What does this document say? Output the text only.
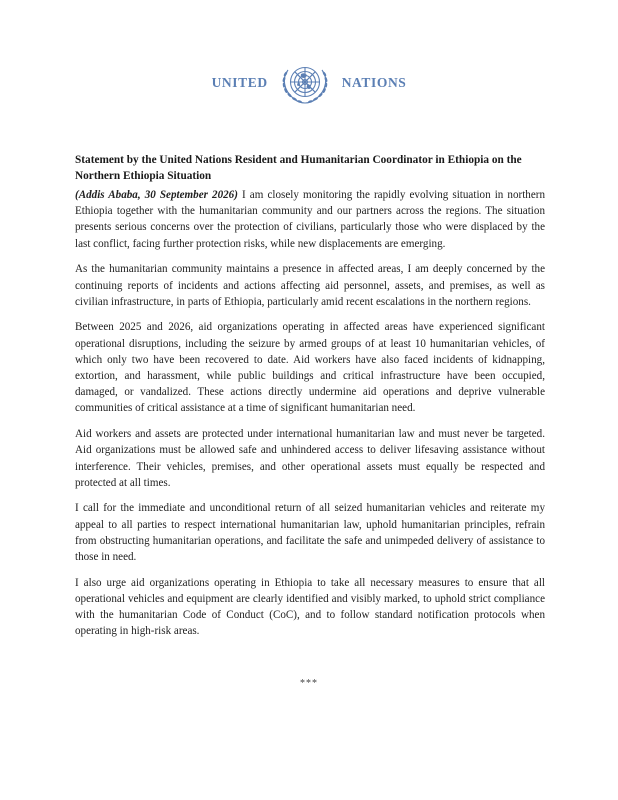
UNITED	NATIONS
Statement by the United Nations Resident and Humanitarian Coordinator in Ethiopia on the Northern Ethiopia Situation

(Addis Ababa, 30 September 2026) I am closely monitoring the rapidly evolving situation in northern Ethiopia together with the humanitarian community and our partners across the regions. The situation presents serious concerns over the protection of civilians, particularly those who were displaced by the last conflict, facing further protection risks, while new displacements are emerging.

As the humanitarian community maintains a presence in affected areas, I am deeply concerned by the continuing reports of incidents and actions affecting aid personnel, assets, and premises, as well as civilian infrastructure, in parts of Ethiopia, particularly amid recent escalations in the northern regions.

Between 2025 and 2026, aid organizations operating in affected areas have experienced significant operational disruptions, including the seizure by armed groups of at least 10 humanitarian vehicles, of which only two have been recovered to date. Aid workers have also faced incidents of kidnapping, extortion, and harassment, while public buildings and critical infrastructure have been occupied, damaged, or vandalized. These actions directly undermine aid operations and deprive vulnerable communities of critical assistance at a time of significant humanitarian need.

Aid workers and assets are protected under international humanitarian law and must never be targeted. Aid organizations must be allowed safe and unhindered access to deliver lifesaving assistance without interference. Their vehicles, premises, and other operational assets must equally be respected and protected at all times.

I call for the immediate and unconditional return of all seized humanitarian vehicles and reiterate my appeal to all parties to respect international humanitarian law, uphold humanitarian principles, refrain from obstructing humanitarian operations, and facilitate the safe and unimpeded delivery of assistance to those in need.

I also urge aid organizations operating in Ethiopia to take all necessary measures to ensure that all operational vehicles and equipment are clearly identified and visibly marked, to uphold strict compliance with the humanitarian Code of Conduct (CoC), and to follow standard notification protocols when operating in high-risk areas.

***
